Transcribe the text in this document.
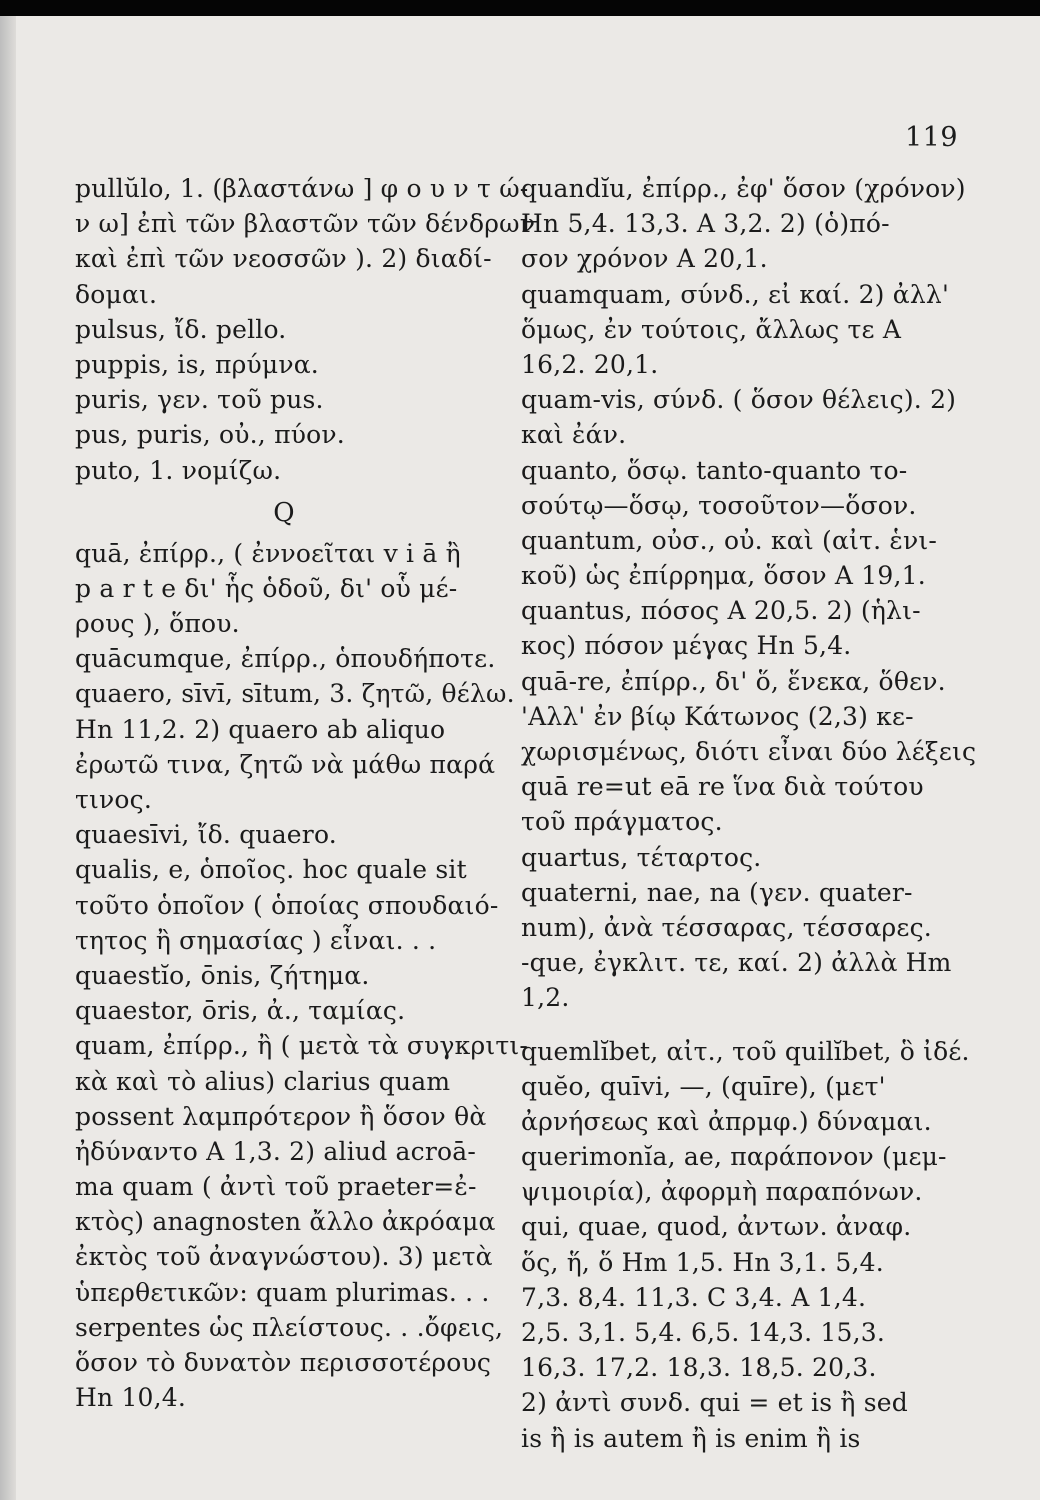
119
pullŭlo, 1. (βλαστάνω ] φ ο υ ν τ ώ-
ν ω] ἐπὶ τῶν βλαστῶν τῶν δένδρων
καὶ ἐπὶ τῶν νεοσσῶν ). 2) διαδί-
δομαι.
pulsus, ἴδ. pello.
puppis, is, πρύμνα.
puris, γεν. τοῦ pus.
pus, puris, οὐ., πύον.
puto, 1. νομίζω.
Q
quā, ἐπίρρ., ( ἐννοεῖται v i ā ἢ
p a r t e δι' ἧς ὁδοῦ, δι' οὗ μέ-
ρους ), ὅπου.
quācumque, ἐπίρρ., ὁπουδήποτε.
quaero, sīvī, sītum, 3. ζητῶ, θέλω.
Hn 11,2. 2) quaero ab aliquo
ἐρωτῶ τινα, ζητῶ νὰ μάθω παρά
τινος.
quaesīvi, ἴδ. quaero.
qualis, e, ὁποῖος. hoc quale sit
τοῦτο ὁποῖον ( ὁποίας σπουδαιό-
τητος ἢ σημασίας ) εἶναι. . .
quaestĭo, ōnis, ζήτημα.
quaestor, ōris, ἀ., ταμίας.
quam, ἐπίρρ., ἢ ( μετὰ τὰ συγκριτι-
κὰ καὶ τὸ alius) clarius quam
possent λαμπρότερον ἢ ὅσον θὰ
ἠδύναντο A 1,3. 2) aliud acroā-
ma quam ( ἀντὶ τοῦ praeter=ἐ-
κτὸς) anagnosten ἄλλο ἀκρόαμα
ἐκτὸς τοῦ ἀναγνώστου). 3) μετὰ
ὑπερθετικῶν: quam plurimas. . .
serpentes ὡς πλείστους. . .ὄφεις,
ὅσον τὸ δυνατὸν περισσοτέρους
Hn 10,4.
quandĭu, ἐπίρρ., ἐφ' ὅσον (χρόνον)
Hn 5,4. 13,3. A 3,2. 2) (ὁ)πό-
σον χρόνον A 20,1.
quamquam, σύνδ., εἰ καί. 2) ἀλλ'
ὅμως, ἐν τούτοις, ἄλλως τε A
16,2. 20,1.
quam-vis, σύνδ. ( ὅσον θέλεις). 2)
καὶ ἐάν.
quanto, ὅσῳ. tanto-quanto το-
σούτῳ—ὅσῳ, τοσοῦτον—ὅσον.
quantum, οὐσ., οὐ. καὶ (αἰτ. ἑνι-
κοῦ) ὡς ἐπίρρημα, ὅσον A 19,1.
quantus, πόσος A 20,5. 2) (ἡλι-
κος) πόσον μέγας Hn 5,4.
quā-re, ἐπίρρ., δι' ὅ, ἕνεκα, ὅθεν.
'Αλλ' ἐν βίῳ Κάτωνος (2,3) κε-
χωρισμένως, διότι εἶναι δύο λέξεις
quā re=ut eā re ἵνα διὰ τούτου
τοῦ πράγματος.
quartus, τέταρτος.
quaterni, nae, na (γεν. quater-
num), ἀνὰ τέσσαρας, τέσσαρες.
-que, ἐγκλιτ. τε, καί. 2) ἀλλὰ Hm
1,2.
quemlĭbet, αἰτ., τοῦ quilĭbet, ὃ ἰδέ.
quĕo, quīvi, —, (quīre), (μετ'
ἀρνήσεως καὶ ἀπρμφ.) δύναμαι.
querimonĭa, ae, παράπονον (μεμ-
ψιμοιρία), ἀφορμὴ παραπόνων.
qui, quae, quod, ἀντων. ἀναφ.
ὅς, ἥ, ὅ Hm 1,5. Hn 3,1. 5,4.
7,3. 8,4. 11,3. C 3,4. A 1,4.
2,5. 3,1. 5,4. 6,5. 14,3. 15,3.
16,3. 17,2. 18,3. 18,5. 20,3.
2) ἀντὶ συνδ. qui = et is ἢ sed
is ἢ is autem ἢ is enim ἢ is
